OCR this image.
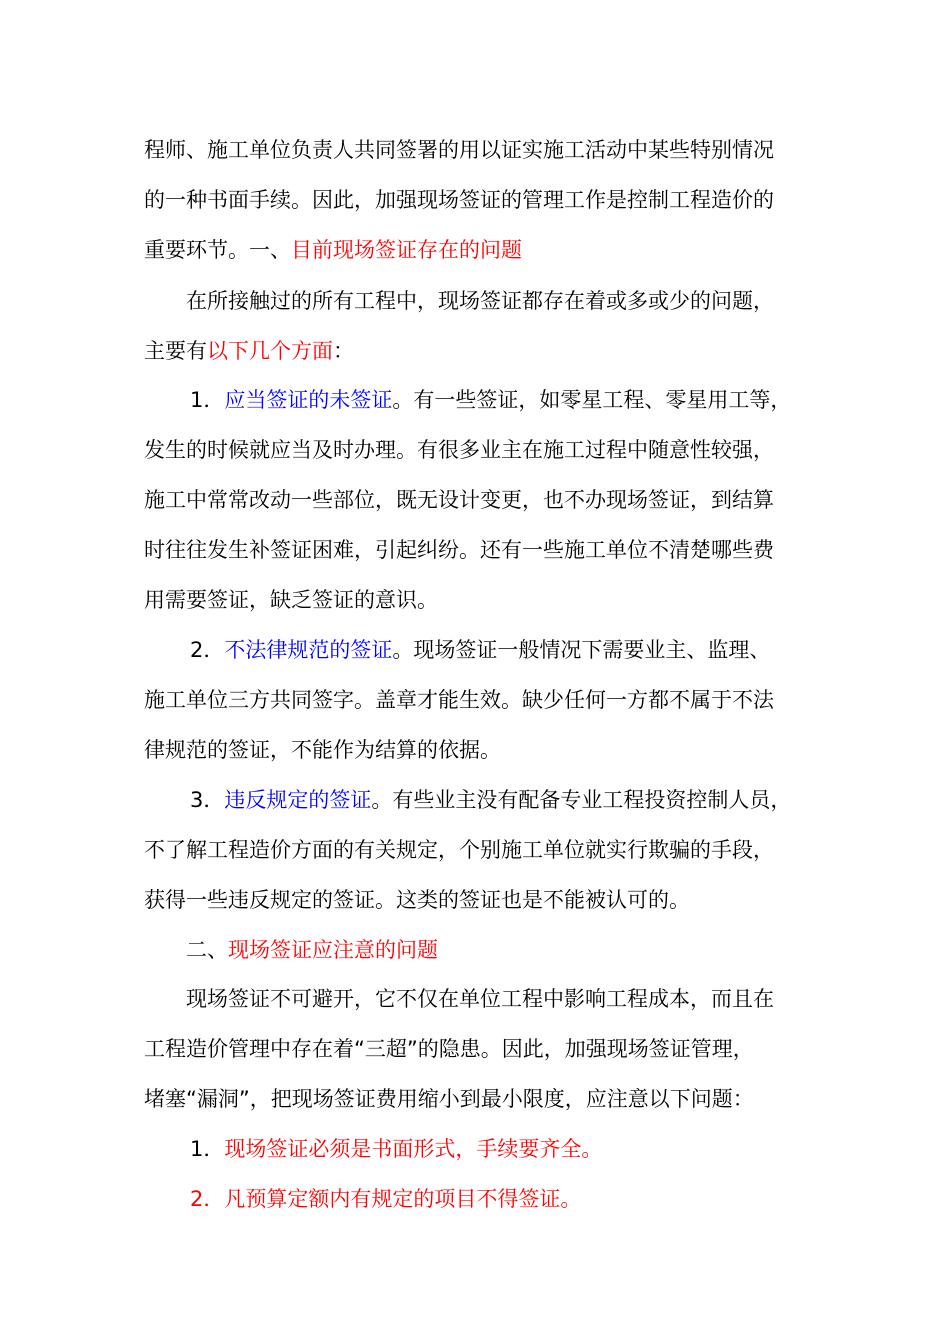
程师、施工单位负责人共同签署的用以证实施工活动中某些特别情况
的一种书面手续。因此，加强现场签证的管理工作是控制工程造价的
重要环节。一、目前现场签证存在的问题
在所接触过的所有工程中，现场签证都存在着或多或少的问题，
主要有以下几个方面：
1．应当签证的未签证。有一些签证，如零星工程、零星用工等，
发生的时候就应当及时办理。有很多业主在施工过程中随意性较强，
施工中常常改动一些部位，既无设计变更，也不办现场签证，到结算
时往往发生补签证困难，引起纠纷。还有一些施工单位不清楚哪些费
用需要签证，缺乏签证的意识。
2．不法律规范的签证。现场签证一般情况下需要业主、监理、
施工单位三方共同签字。盖章才能生效。缺少任何一方都不属于不法
律规范的签证，不能作为结算的依据。
3．违反规定的签证。有些业主没有配备专业工程投资控制人员，
不了解工程造价方面的有关规定，个别施工单位就实行欺骗的手段，
获得一些违反规定的签证。这类的签证也是不能被认可的。
二、现场签证应注意的问题
现场签证不可避开，它不仅在单位工程中影响工程成本，而且在
工程造价管理中存在着“三超”的隐患。因此，加强现场签证管理，
堵塞“漏洞”，把现场签证费用缩小到最小限度，应注意以下问题：
1．现场签证必须是书面形式，手续要齐全。
2．凡预算定额内有规定的项目不得签证。
